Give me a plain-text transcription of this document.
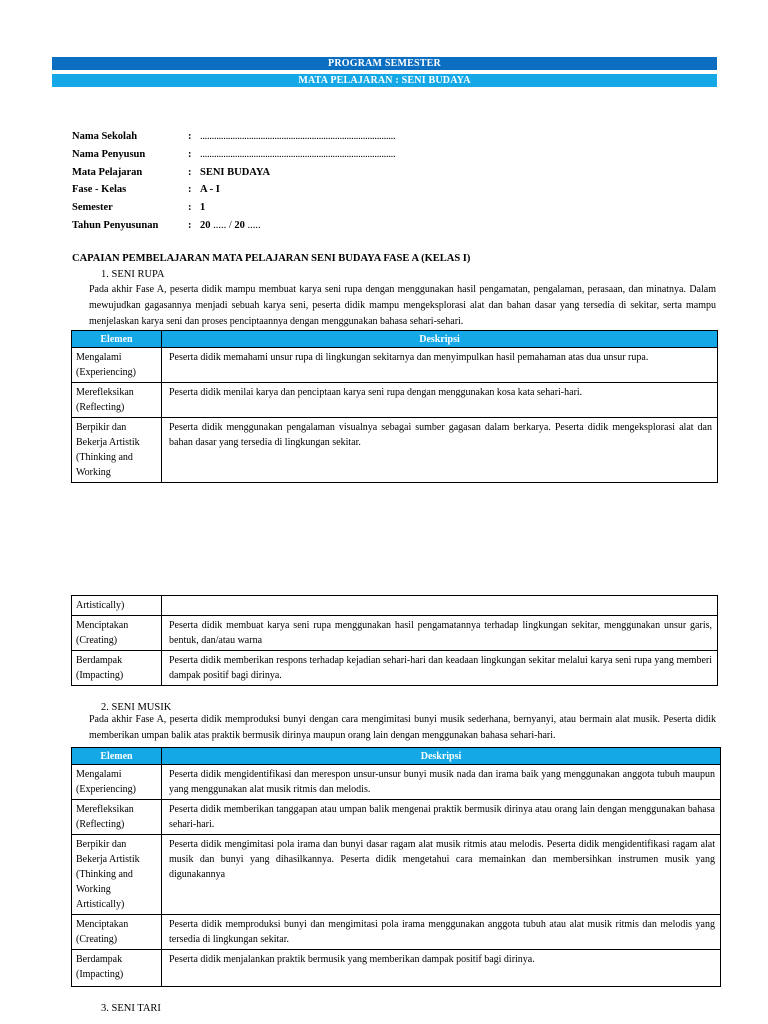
PROGRAM SEMESTER
MATA PELAJARAN : SENI BUDAYA
Nama Sekolah	: ....................................................................................
Nama Penyusun	: ....................................................................................
Mata Pelajaran	: SENI BUDAYA
Fase - Kelas	: A - I
Semester	: 1
Tahun Penyusunan	: 20 ..... / 20 .....
CAPAIAN PEMBELAJARAN MATA PELAJARAN SENI BUDAYA FASE A (KELAS I)
1. SENI RUPA
Pada akhir Fase A, peserta didik mampu membuat karya seni rupa dengan menggunakan hasil pengamatan, pengalaman, perasaan, dan minatnya. Dalam mewujudkan gagasannya menjadi sebuah karya seni, peserta didik mampu mengeksplorasi alat dan bahan dasar yang tersedia di sekitar, serta mampu menjelaskan karya seni dan proses penciptaannya dengan menggunakan bahasa sehari-sehari.
Elemen	Deskripsi
Mengalami (Experiencing)	Peserta didik memahami unsur rupa di lingkungan sekitarnya dan menyimpulkan hasil pemahaman atas dua unsur rupa.
Merefleksikan (Reflecting)	Peserta didik menilai karya dan penciptaan karya seni rupa dengan menggunakan kosa kata sehari-hari.
Berpikir dan Bekerja Artistik (Thinking and Working	Peserta didik menggunakan pengalaman visualnya sebagai sumber gagasan dalam berkarya. Peserta didik mengeksplorasi alat dan bahan dasar yang tersedia di lingkungan sekitar.
Artistically)	
Menciptakan (Creating)	Peserta didik membuat karya seni rupa menggunakan hasil pengamatannya terhadap lingkungan sekitar, menggunakan unsur garis, bentuk, dan/atau warna
Berdampak (Impacting)	Peserta didik memberikan respons terhadap kejadian sehari-hari dan keadaan lingkungan sekitar melalui karya seni rupa yang memberi dampak positif bagi dirinya.
2. SENI MUSIK
Pada akhir Fase A, peserta didik memproduksi bunyi dengan cara mengimitasi bunyi musik sederhana, bernyanyi, atau bermain alat musik. Peserta didik memberikan umpan balik atas praktik bermusik dirinya maupun orang lain dengan menggunakan bahasa sehari-hari.
Elemen	Deskripsi
Mengalami (Experiencing)	Peserta didik mengidentifikasi dan merespon unsur-unsur bunyi musik nada dan irama baik yang menggunakan anggota tubuh maupun yang menggunakan alat musik ritmis dan melodis.
Merefleksikan (Reflecting)	Peserta didik memberikan tanggapan atau umpan balik mengenai praktik bermusik dirinya atau orang lain dengan menggunakan bahasa sehari-hari.
Berpikir dan Bekerja Artistik (Thinking and Working Artistically)	Peserta didik mengimitasi pola irama dan bunyi dasar ragam alat musik ritmis atau melodis. Peserta didik mengidentifikasi ragam alat musik dan bunyi yang dihasilkannya. Peserta didik mengetahui cara memainkan dan membersihkan instrumen musik yang digunakannya
Menciptakan (Creating)	Peserta didik memproduksi bunyi dan mengimitasi pola irama menggunakan anggota tubuh atau alat musik ritmis dan melodis yang tersedia di lingkungan sekitar.
Berdampak (Impacting)	Peserta didik menjalankan praktik bermusik yang memberikan dampak positif bagi dirinya.
3. SENI TARI
